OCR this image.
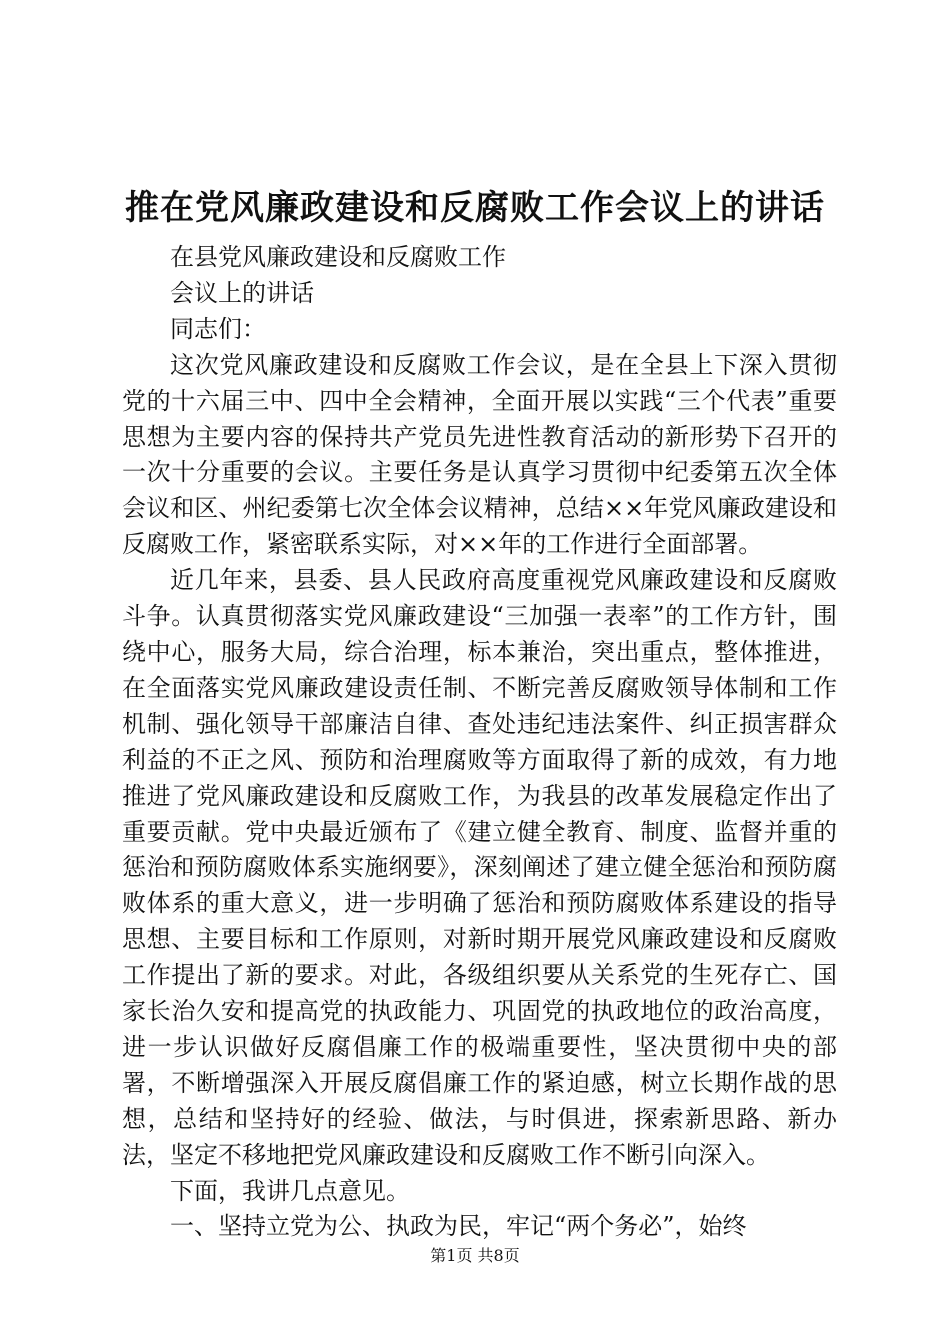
推在党风廉政建设和反腐败工作会议上的讲话

在县党风廉政建设和反腐败工作

会议上的讲话

同志们：

这次党风廉政建设和反腐败工作会议，是在全县上下深入贯彻党的十六届三中、四中全会精神，全面开展以实践“三个代表”重要思想为主要内容的保持共产党员先进性教育活动的新形势下召开的一次十分重要的会议。主要任务是认真学习贯彻中纪委第五次全体会议和区、州纪委第七次全体会议精神，总结××年党风廉政建设和反腐败工作，紧密联系实际，对××年的工作进行全面部署。

近几年来，县委、县人民政府高度重视党风廉政建设和反腐败斗争。认真贯彻落实党风廉政建设“三加强一表率”的工作方针，围绕中心，服务大局，综合治理，标本兼治，突出重点，整体推进，在全面落实党风廉政建设责任制、不断完善反腐败领导体制和工作机制、强化领导干部廉洁自律、查处违纪违法案件、纠正损害群众利益的不正之风、预防和治理腐败等方面取得了新的成效，有力地推进了党风廉政建设和反腐败工作，为我县的改革发展稳定作出了重要贡献。党中央最近颁布了《建立健全教育、制度、监督并重的惩治和预防腐败体系实施纲要》，深刻阐述了建立健全惩治和预防腐败体系的重大意义，进一步明确了惩治和预防腐败体系建设的指导思想、主要目标和工作原则，对新时期开展党风廉政建设和反腐败工作提出了新的要求。对此，各级组织要从关系党的生死存亡、国家长治久安和提高党的执政能力、巩固党的执政地位的政治高度，进一步认识做好反腐倡廉工作的极端重要性，坚决贯彻中央的部署，不断增强深入开展反腐倡廉工作的紧迫感，树立长期作战的思想，总结和坚持好的经验、做法，与时俱进，探索新思路、新办法，坚定不移地把党风廉政建设和反腐败工作不断引向深入。

下面，我讲几点意见。

一、坚持立党为公、执政为民，牢记“两个务必”，始终

第1页 共8页
